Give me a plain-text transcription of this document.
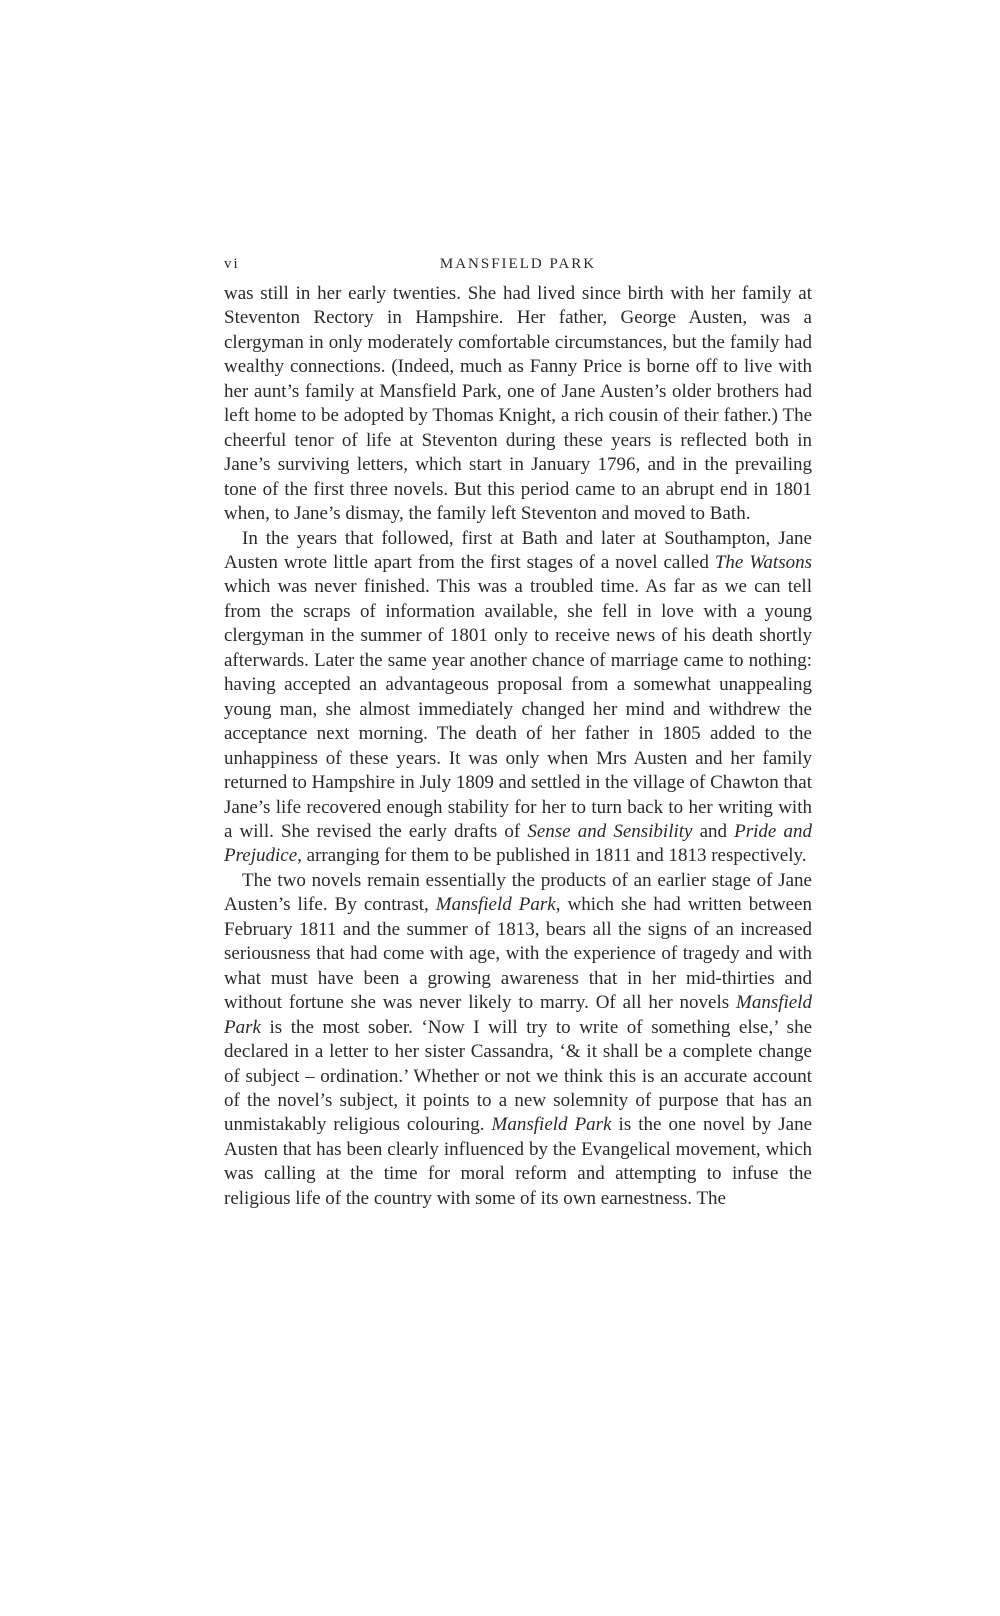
vi	MANSFIELD PARK

was still in her early twenties. She had lived since birth with her family at Steventon Rectory in Hampshire. Her father, George Austen, was a clergyman in only moderately comfortable circumstances, but the family had wealthy connections. (Indeed, much as Fanny Price is borne off to live with her aunt’s family at Mansfield Park, one of Jane Austen’s older brothers had left home to be adopted by Thomas Knight, a rich cousin of their father.) The cheerful tenor of life at Steventon during these years is reflected both in Jane’s surviving letters, which start in January 1796, and in the prevailing tone of the first three novels. But this period came to an abrupt end in 1801 when, to Jane’s dismay, the family left Steventon and moved to Bath.

In the years that followed, first at Bath and later at Southampton, Jane Austen wrote little apart from the first stages of a novel called The Watsons which was never finished. This was a troubled time. As far as we can tell from the scraps of information available, she fell in love with a young clergyman in the summer of 1801 only to receive news of his death shortly afterwards. Later the same year another chance of marriage came to nothing: having accepted an advantageous proposal from a somewhat unappealing young man, she almost immediately changed her mind and withdrew the acceptance next morning. The death of her father in 1805 added to the unhappiness of these years. It was only when Mrs Austen and her family returned to Hampshire in July 1809 and settled in the village of Chawton that Jane’s life recovered enough stability for her to turn back to her writing with a will. She revised the early drafts of Sense and Sensibility and Pride and Prejudice, arranging for them to be published in 1811 and 1813 respectively.

The two novels remain essentially the products of an earlier stage of Jane Austen’s life. By contrast, Mansfield Park, which she had written between February 1811 and the summer of 1813, bears all the signs of an increased seriousness that had come with age, with the experience of tragedy and with what must have been a growing awareness that in her mid-thirties and without fortune she was never likely to marry. Of all her novels Mansfield Park is the most sober. ‘Now I will try to write of something else,’ she declared in a letter to her sister Cassandra, ‘& it shall be a complete change of subject – ordination.’ Whether or not we think this is an accurate account of the novel’s subject, it points to a new solemnity of purpose that has an unmistakably religious colouring. Mansfield Park is the one novel by Jane Austen that has been clearly influenced by the Evangelical movement, which was calling at the time for moral reform and attempting to infuse the religious life of the country with some of its own earnestness. The
